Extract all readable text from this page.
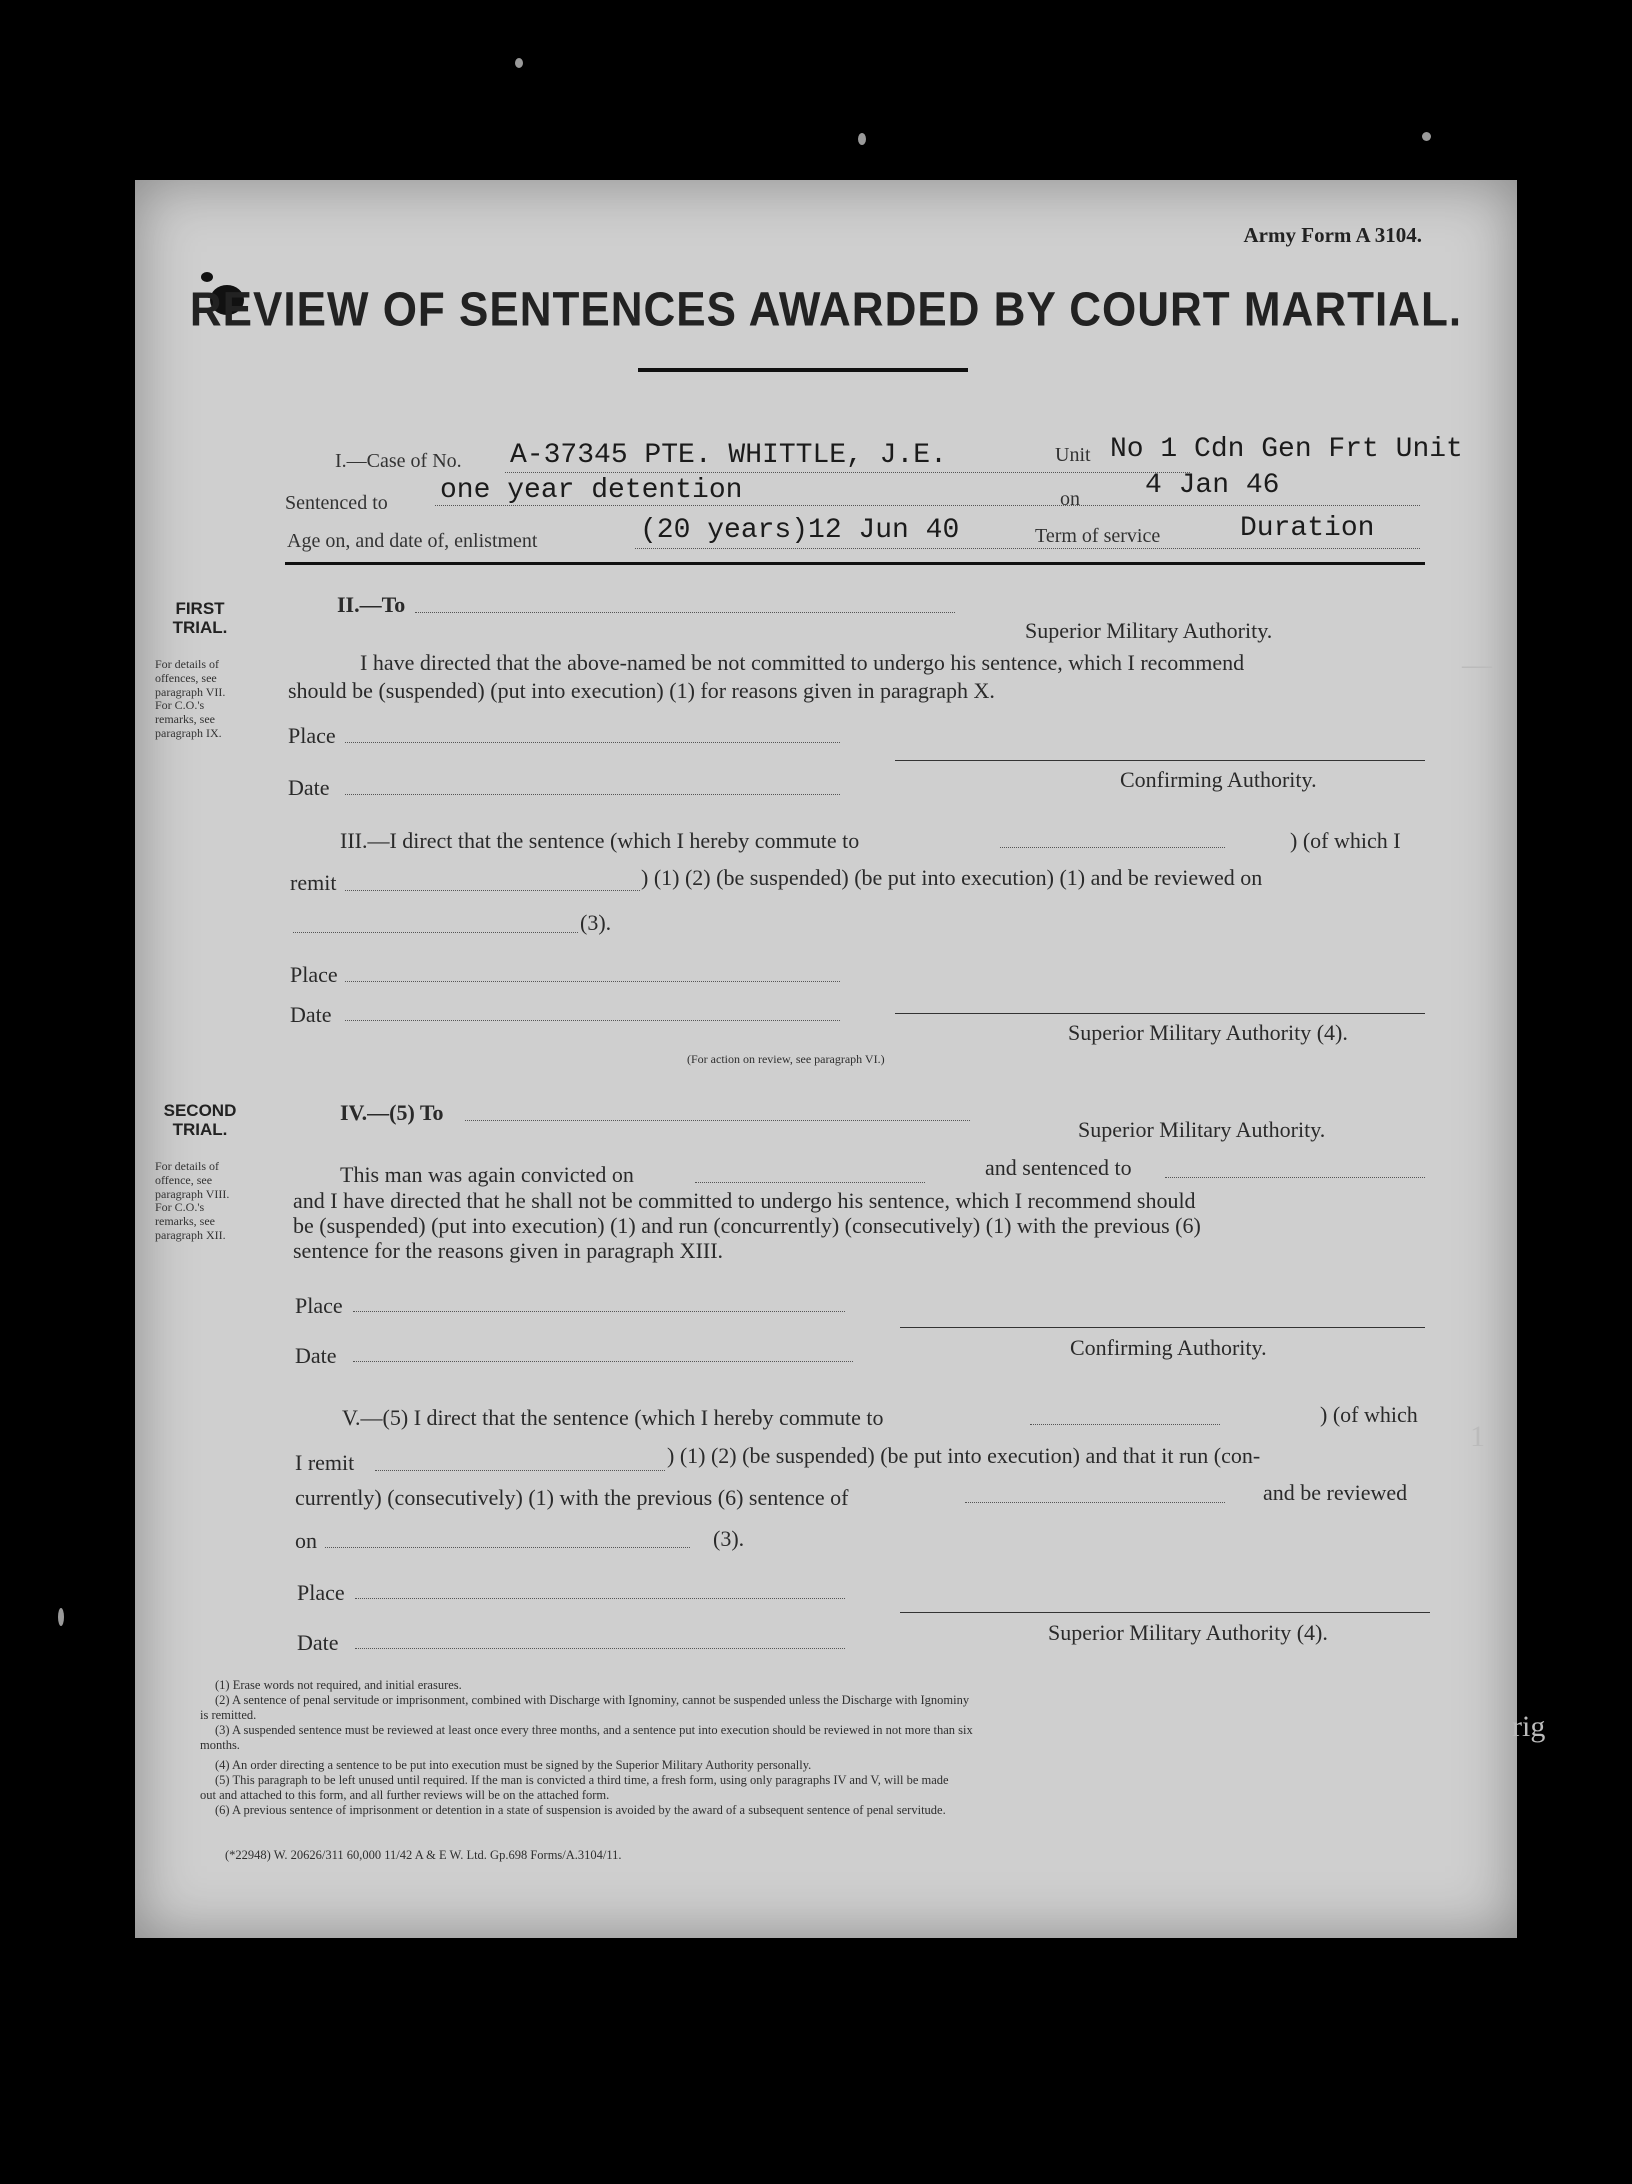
Army Form A 3104.
REVIEW OF SENTENCES AWARDED BY COURT MARTIAL.
I.—Case of No. A-37345 PTE. WHITTLE, J.E.	Unit No 1 Cdn Gen Frt Unit
Sentenced to one year detention	on 4 Jan 46
Age on, and date of, enlistment	(20 years)12 Jun 40	Term of service	Duration
FIRST
TRIAL.
For details of
offences, see
paragraph VII.
For C.O.'s
remarks, see
paragraph IX.
II.—To
Superior Military Authority.
I have directed that the above-named be not committed to undergo his sentence, which I recommend
should be (suspended) (put into execution) (1) for reasons given in paragraph X.
Place
Date	Confirming Authority.
III.—I direct that the sentence (which I hereby commute to	) (of which I
remit	) (1) (2) (be suspended) (be put into execution) (1) and be reviewed on
(3).
Place
Date
Superior Military Authority (4).
(For action on review, see paragraph VI.)
SECOND
TRIAL.
For details of
offence, see
paragraph VIII.
For C.O.'s
remarks, see
paragraph XII.
IV.—(5) To
Superior Military Authority.
This man was again convicted on	and sentenced to
and I have directed that he shall not be committed to undergo his sentence, which I recommend should
be (suspended) (put into execution) (1) and run (concurrently) (consecutively) (1) with the previous (6)
sentence for the reasons given in paragraph XIII.
Place
Date	Confirming Authority.
V.—(5) I direct that the sentence (which I hereby commute to	) (of which
I remit	) (1) (2) (be suspended) (be put into execution) and that it run (con-
currently) (consecutively) (1) with the previous (6) sentence of	and be reviewed
on	(3).
Place
Date	Superior Military Authority (4).
(1) Erase words not required, and initial erasures.
(2) A sentence of penal servitude or imprisonment, combined with Discharge with Ignominy, cannot be suspended unless the Discharge with Ignominy
is remitted.
(3) A suspended sentence must be reviewed at least once every three months, and a sentence put into execution should be reviewed in not more than six
months.
(4) An order directing a sentence to be put into execution must be signed by the Superior Military Authority personally.
(5) This paragraph to be left unused until required. If the man is convicted a third time, a fresh form, using only paragraphs IV and V, will be made
out and attached to this form, and all further reviews will be on the attached form.
(6) A previous sentence of imprisonment or detention in a state of suspension is avoided by the award of a subsequent sentence of penal servitude.
(*22948) W. 20626/311 60,000 11/42 A & E W. Ltd. Gp.698 Forms/A.3104/11.
—
1
rig
